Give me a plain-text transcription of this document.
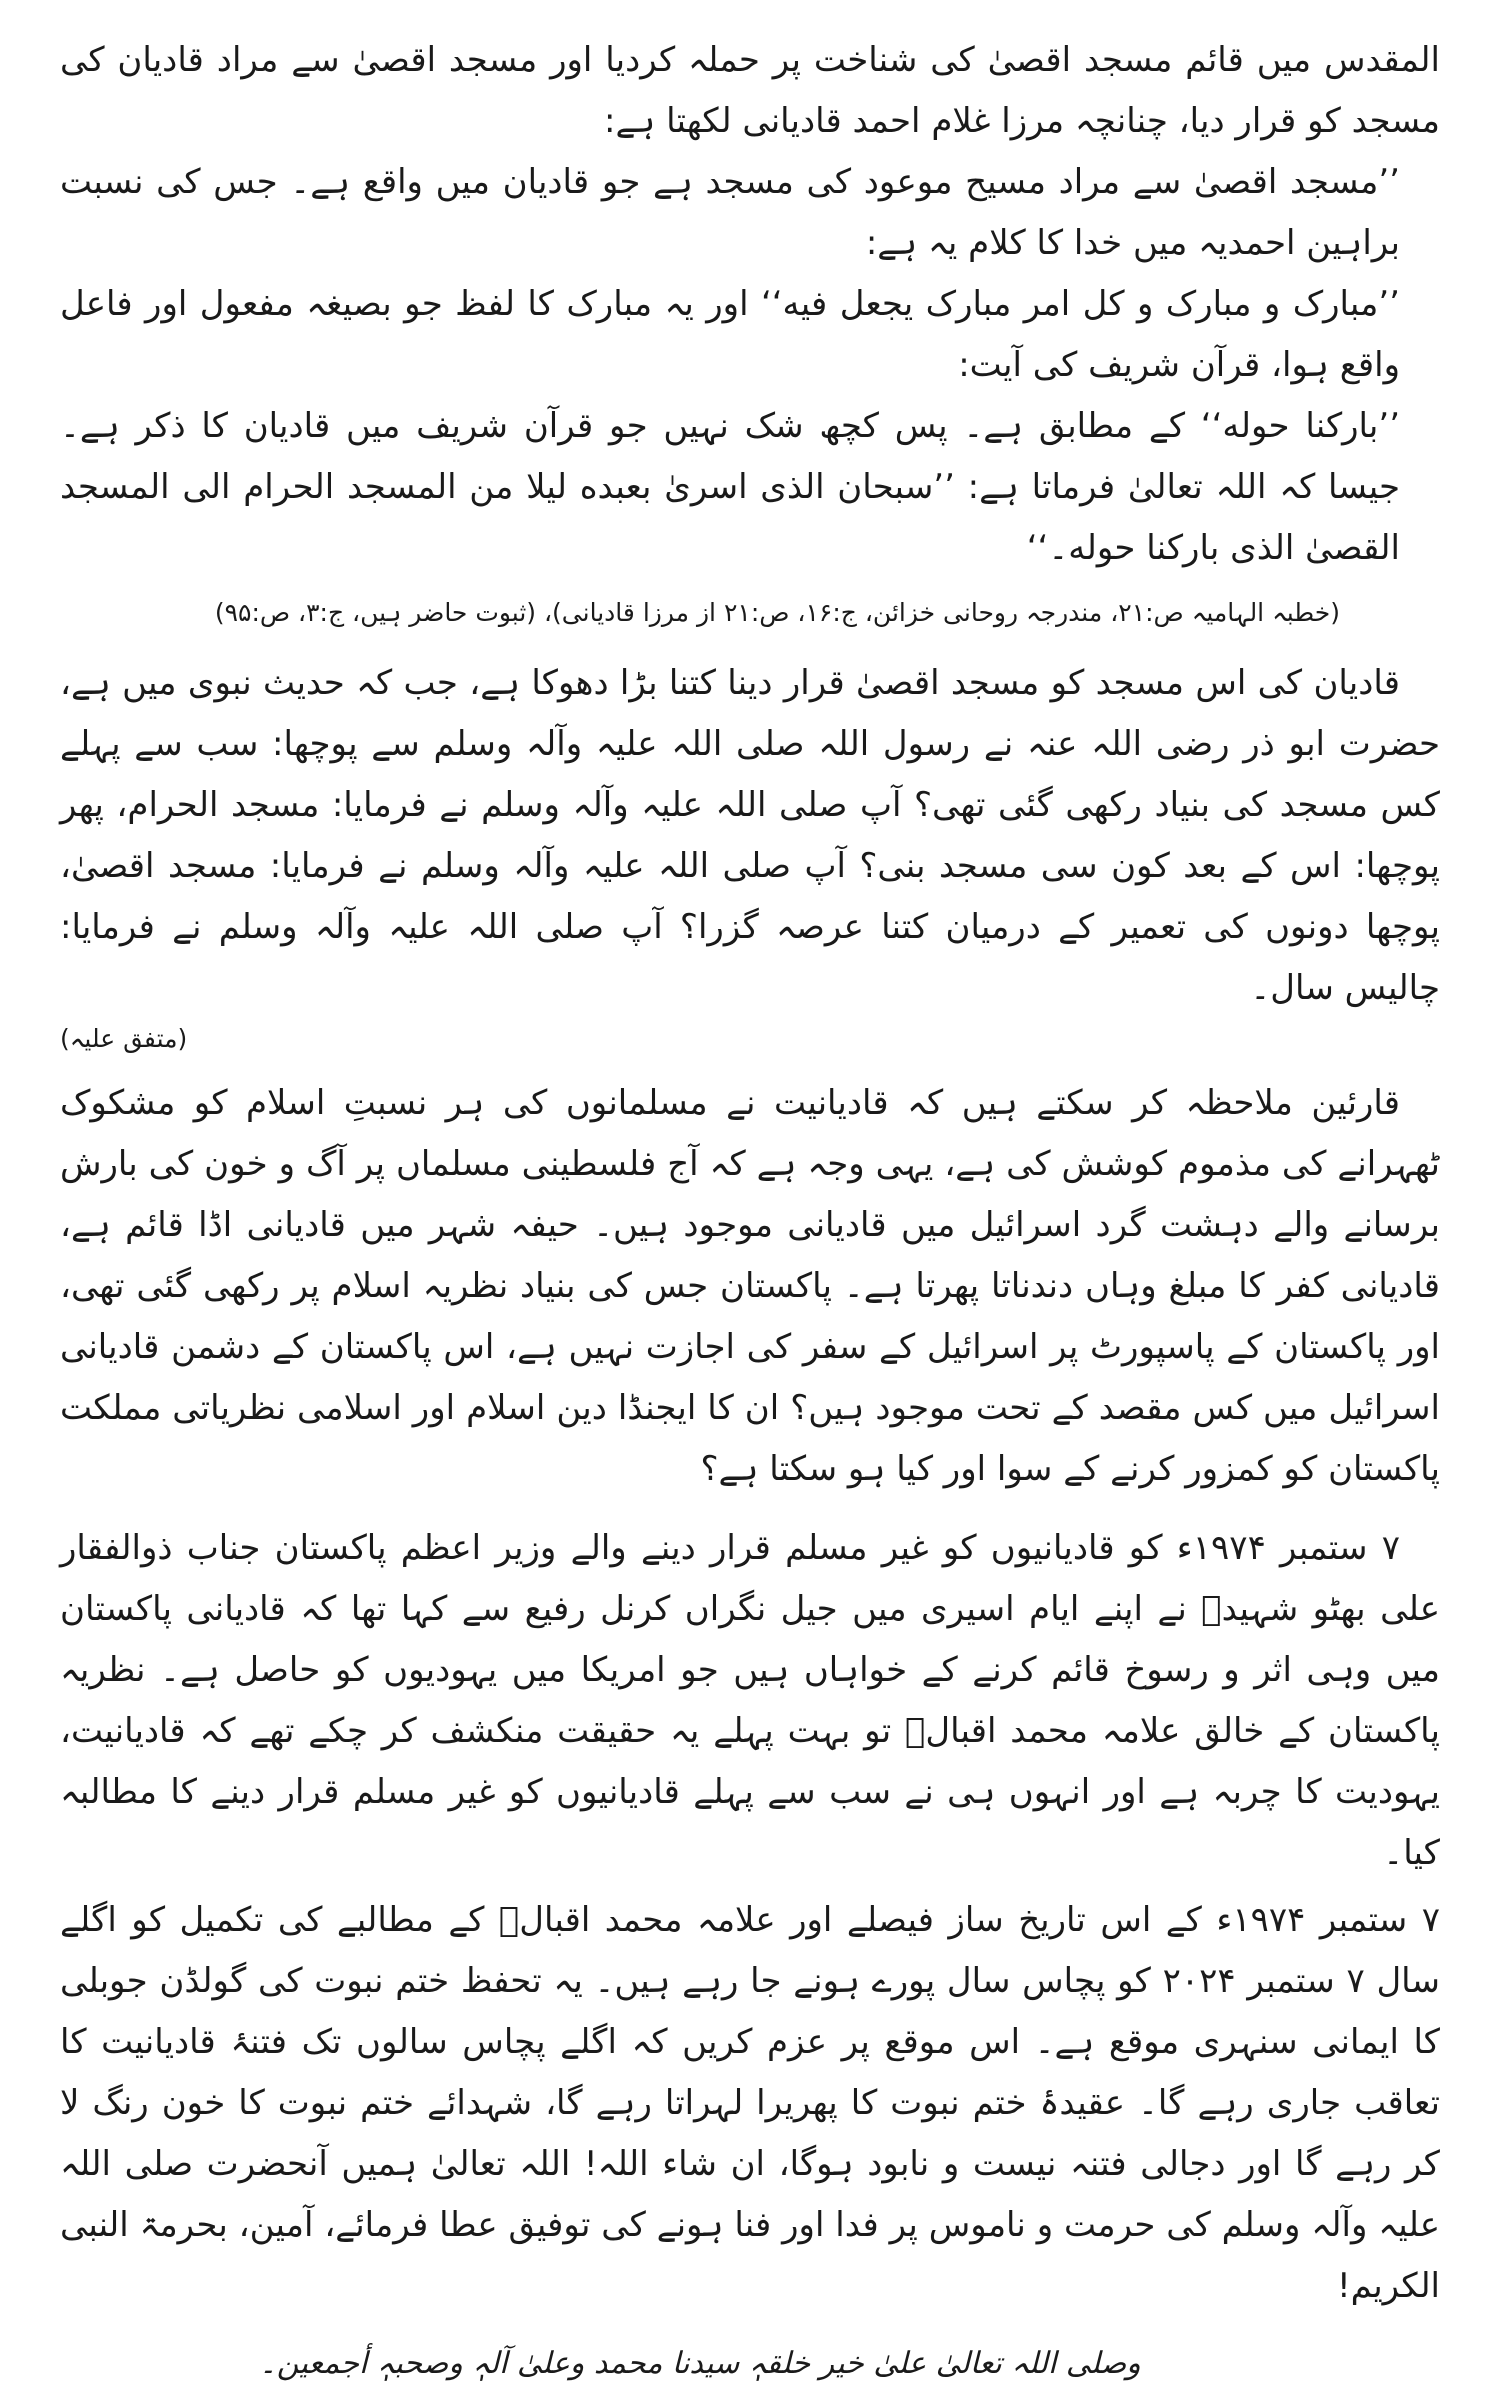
المقدس میں قائم مسجد اقصیٰ کی شناخت پر حملہ کردیا اور مسجد اقصیٰ سے مراد قادیان کی مسجد کو قرار دیا، چنانچہ مرزا غلام احمد قادیانی لکھتا ہے:

’’مسجد اقصیٰ سے مراد مسیح موعود کی مسجد ہے جو قادیان میں واقع ہے۔ جس کی نسبت براہین احمدیہ میں خدا کا کلام یہ ہے:

’’مبارک و مبارک و کل امر مبارک یجعل فیه‘‘ اور یہ مبارک کا لفظ جو بصیغہ مفعول اور فاعل واقع ہوا، قرآن شریف کی آیت:

’’بارکنا حوله‘‘ کے مطابق ہے۔ پس کچھ شک نہیں جو قرآن شریف میں قادیان کا ذکر ہے۔ جیسا کہ اللہ تعالیٰ فرماتا ہے: ’’سبحان الذی اسریٰ بعبده لیلا من المسجد الحرام الی المسجد القصیٰ الذی بارکنا حوله۔‘‘

(خطبہ الہامیہ ص:۲۱، مندرجہ روحانی خزائن، ج:۱۶، ص:۲۱ از مرزا قادیانی)، (ثبوت حاضر ہیں، ج:۳، ص:۹۵)

قادیان کی اس مسجد کو مسجد اقصیٰ قرار دینا کتنا بڑا دھوکا ہے، جب کہ حدیث نبوی میں ہے، حضرت ابو ذر رضی اللہ عنہ نے رسول اللہ صلی اللہ علیہ وآلہ وسلم سے پوچھا: سب سے پہلے کس مسجد کی بنیاد رکھی گئی تھی؟ آپ صلی اللہ علیہ وآلہ وسلم نے فرمایا: مسجد الحرام، پھر پوچھا: اس کے بعد کون سی مسجد بنی؟ آپ صلی اللہ علیہ وآلہ وسلم نے فرمایا: مسجد اقصیٰ، پوچھا دونوں کی تعمیر کے درمیان کتنا عرصہ گزرا؟ آپ صلی اللہ علیہ وآلہ وسلم نے فرمایا: چالیس سال۔

(متفق علیہ)

قارئین ملاحظہ کر سکتے ہیں کہ قادیانیت نے مسلمانوں کی ہر نسبتِ اسلام کو مشکوک ٹھہرانے کی مذموم کوشش کی ہے، یہی وجہ ہے کہ آج فلسطینی مسلماں پر آگ و خون کی بارش برسانے والے دہشت گرد اسرائیل میں قادیانی موجود ہیں۔ حیفہ شہر میں قادیانی اڈا قائم ہے، قادیانی کفر کا مبلغ وہاں دندناتا پھرتا ہے۔ پاکستان جس کی بنیاد نظریہ اسلام پر رکھی گئی تھی، اور پاکستان کے پاسپورٹ پر اسرائیل کے سفر کی اجازت نہیں ہے، اس پاکستان کے دشمن قادیانی اسرائیل میں کس مقصد کے تحت موجود ہیں؟ ان کا ایجنڈا دین اسلام اور اسلامی نظریاتی مملکت پاکستان کو کمزور کرنے کے سوا اور کیا ہو سکتا ہے؟

۷ ستمبر ۱۹۷۴ء کو قادیانیوں کو غیر مسلم قرار دینے والے وزیر اعظم پاکستان جناب ذوالفقار علی بھٹو شہیدؒ نے اپنے ایام اسیری میں جیل نگراں کرنل رفیع سے کہا تھا کہ قادیانی پاکستان میں وہی اثر و رسوخ قائم کرنے کے خواہاں ہیں جو امریکا میں یہودیوں کو حاصل ہے۔ نظریہ پاکستان کے خالق علامہ محمد اقبالؒ تو بہت پہلے یہ حقیقت منکشف کر چکے تھے کہ قادیانیت، یہودیت کا چربہ ہے اور انہوں ہی نے سب سے پہلے قادیانیوں کو غیر مسلم قرار دینے کا مطالبہ کیا۔

۷ ستمبر ۱۹۷۴ء کے اس تاریخ ساز فیصلے اور علامہ محمد اقبالؒ کے مطالبے کی تکمیل کو اگلے سال ۷ ستمبر ۲۰۲۴ کو پچاس سال پورے ہونے جا رہے ہیں۔ یہ تحفظ ختم نبوت کی گولڈن جوبلی کا ایمانی سنہری موقع ہے۔ اس موقع پر عزم کریں کہ اگلے پچاس سالوں تک فتنۂ قادیانیت کا تعاقب جاری رہے گا۔ عقیدۂ ختم نبوت کا پھریرا لہراتا رہے گا، شہدائے ختم نبوت کا خون رنگ لا کر رہے گا اور دجالی فتنہ نیست و نابود ہوگا، ان شاء اللہ! اللہ تعالیٰ ہمیں آنحضرت صلی اللہ علیہ وآلہ وسلم کی حرمت و ناموس پر فدا اور فنا ہونے کی توفیق عطا فرمائے، آمین، بحرمۃ النبی الکریم!

وصلی اللہ تعالیٰ علیٰ خیر خلقہٖ سیدنا محمد وعلیٰ آلہٖ وصحبہٖ أجمعین۔
